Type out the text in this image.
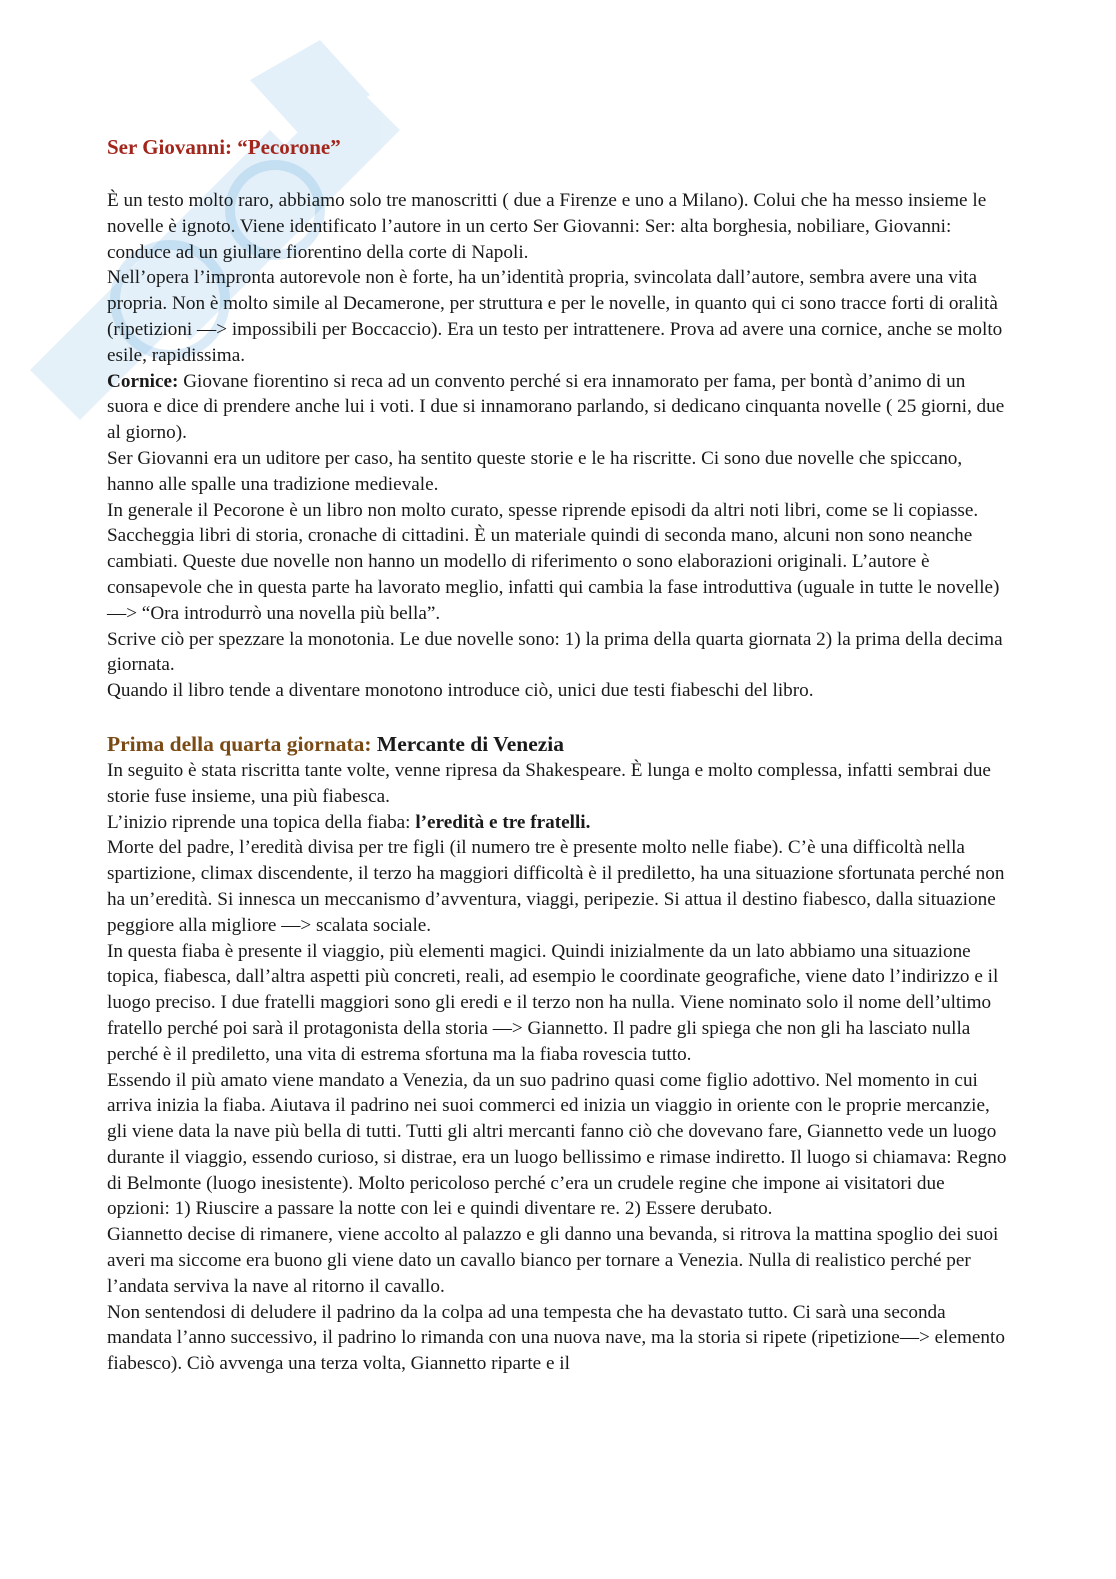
Ser Giovanni: “Pecorone”

È un testo molto raro, abbiamo solo tre manoscritti ( due a Firenze e uno a Milano). Colui che ha messo insieme le novelle è ignoto. Viene identificato l’autore in un certo Ser Giovanni: Ser: alta borghesia, nobiliare, Giovanni: conduce ad un giullare fiorentino della corte di Napoli.

Nell’opera l’impronta autorevole non è forte, ha un’identità propria, svincolata dall’autore, sembra avere una vita propria. Non è molto simile al Decamerone, per struttura e per le novelle, in quanto qui ci sono tracce forti di oralità (ripetizioni —> impossibili per Boccaccio). Era un testo per intrattenere. Prova ad avere una cornice, anche se molto esile, rapidissima.

Cornice: Giovane fiorentino si reca ad un convento perché si era innamorato per fama, per bontà d’animo di un suora e dice di prendere anche lui i voti. I due si innamorano parlando, si dedicano cinquanta novelle ( 25 giorni, due al giorno).

Ser Giovanni era un uditore per caso, ha sentito queste storie e le ha riscritte. Ci sono due novelle che spiccano, hanno alle spalle una tradizione medievale.

In generale il Pecorone è un libro non molto curato, spesse riprende episodi da altri noti libri, come se li copiasse. Saccheggia libri di storia, cronache di cittadini. È un materiale quindi di seconda mano, alcuni non sono neanche cambiati. Queste due novelle non hanno un modello di riferimento o sono elaborazioni originali. L’autore è consapevole che in questa parte ha lavorato meglio, infatti qui cambia la fase introduttiva (uguale in tutte le novelle) —> “Ora introdurrò una novella più bella”.

Scrive ciò per spezzare la monotonia. Le due novelle sono: 1) la prima della quarta giornata 2) la prima della decima giornata.

Quando il libro tende a diventare monotono introduce ciò, unici due testi fiabeschi del libro.

Prima della quarta giornata: Mercante di Venezia

In seguito è stata riscritta tante volte, venne ripresa da Shakespeare. È lunga e molto complessa, infatti sembrai due storie fuse insieme, una più fiabesca.

L’inizio riprende una topica della fiaba: l’eredità e tre fratelli.

Morte del padre, l’eredità divisa per tre figli (il numero tre è presente molto nelle fiabe). C’è una difficoltà nella spartizione, climax discendente, il terzo ha maggiori difficoltà è il prediletto, ha una situazione sfortunata perché non ha un’eredità. Si innesca un meccanismo d’avventura, viaggi, peripezie. Si attua il destino fiabesco, dalla situazione peggiore alla migliore —> scalata sociale.

In questa fiaba è presente il viaggio, più elementi magici. Quindi inizialmente da un lato abbiamo una situazione topica, fiabesca, dall’altra aspetti più concreti, reali, ad esempio le coordinate geografiche, viene dato l’indirizzo e il luogo preciso. I due fratelli maggiori sono gli eredi e il terzo non ha nulla. Viene nominato solo il nome dell’ultimo fratello perché poi sarà il protagonista della storia —> Giannetto. Il padre gli spiega che non gli ha lasciato nulla perché è il prediletto, una vita di estrema sfortuna ma la fiaba rovescia tutto.

Essendo il più amato viene mandato a Venezia, da un suo padrino quasi come figlio adottivo. Nel momento in cui arriva inizia la fiaba. Aiutava il padrino nei suoi commerci ed inizia un viaggio in oriente con le proprie mercanzie, gli viene data la nave più bella di tutti. Tutti gli altri mercanti fanno ciò che dovevano fare, Giannetto vede un luogo durante il viaggio, essendo curioso, si distrae, era un luogo bellissimo e rimase indiretto. Il luogo si chiamava: Regno di Belmonte (luogo inesistente). Molto pericoloso perché c’era un crudele regine che impone ai visitatori due opzioni: 1) Riuscire a passare la notte con lei e quindi diventare re. 2) Essere derubato.

Giannetto decise di rimanere, viene accolto al palazzo e gli danno una bevanda, si ritrova la mattina spoglio dei suoi averi ma siccome era buono gli viene dato un cavallo bianco per tornare a Venezia. Nulla di realistico perché per l’andata serviva la nave al ritorno il cavallo.

Non sentendosi di deludere il padrino da la colpa ad una tempesta che ha devastato tutto. Ci sarà una seconda mandata l’anno successivo, il padrino lo rimanda con una nuova nave, ma la storia si ripete (ripetizione—> elemento fiabesco). Ciò avvenga una terza volta, Giannetto riparte e il
